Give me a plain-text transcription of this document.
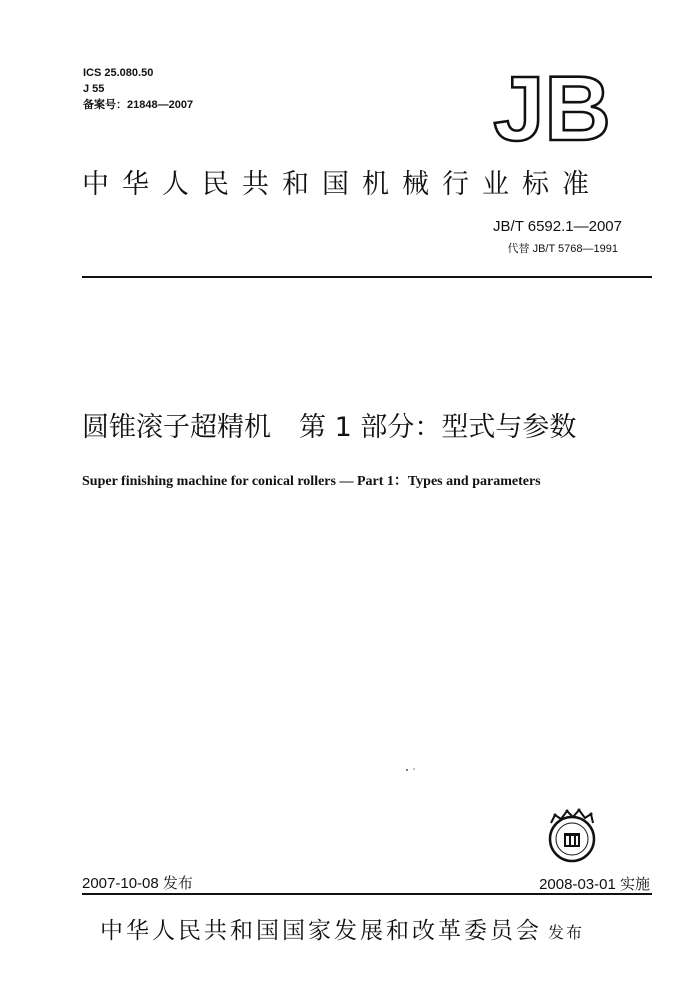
ICS 25.080.50
J 55
备案号：21848—2007	JB
中华人民共和国机械行业标准
JB/T 6592.1—2007
代替 JB/T 5768—1991
圆锥滚子超精机 第 1 部分：型式与参数
Super finishing machine for conical rollers — Part 1：Types and parameters
2007-10-08 发布	2008-03-01 实施
中华人民共和国国家发展和改革委员会 发布
